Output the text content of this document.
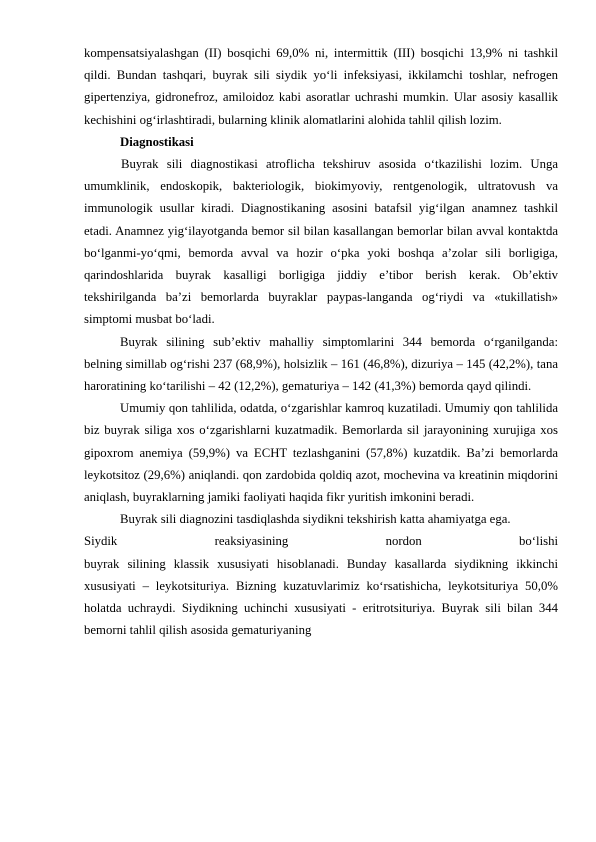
kompensatsiyalashgan (II) bosqichi 69,0% ni, intermittik (III) bosqichi 13,9% ni tashkil qildi. Bundan tashqari, buyrak sili siydik yo‘li infeksiyasi, ikkilamchi toshlar, nefrogen gipertenziya, gidronefroz, amiloidoz kabi asoratlar uchrashi mumkin. Ular asosiy kasallik kechishini og‘irlashtiradi, bularning klinik alomatlarini alohida tahlil qilish lozim.

Diagnostikasi

Buyrak sili diagnostikasi atroflicha tekshiruv asosida o‘tkazilishi lozim. Unga umumklinik, endoskopik, bakteriologik, biokimyoviy, rentgenologik, ultratovush va immunologik usullar kiradi. Diagnostikaning asosini batafsil yig‘ilgan anamnez tashkil etadi. Anamnez yig‘ilayotganda bemor sil bilan kasallangan bemorlar bilan avval kontaktda bo‘lganmi-yo‘qmi, bemorda avval va hozir o‘pka yoki boshqa a’zolar sili borligiga, qarindoshlarida buyrak kasalligi borligiga jiddiy e’tibor berish kerak. Ob’ektiv tekshirilganda ba’zi bemorlarda buyraklar paypas-langanda og‘riydi va «tukillatish» simptomi musbat bo‘ladi.

Buyrak silining sub’ektiv mahalliy simptomlarini 344 bemorda o‘rganilganda: belning simillab og‘rishi 237 (68,9%), holsizlik – 161 (46,8%), dizuriya – 145 (42,2%), tana haroratining ko‘tarilishi – 42 (12,2%), gematuriya – 142 (41,3%) bemorda qayd qilindi.

Umumiy qon tahlilida, odatda, o‘zgarishlar kamroq kuzatiladi. Umumiy qon tahlilida biz buyrak siliga xos o‘zgarishlarni kuzatmadik. Bemorlarda sil jarayonining xurujiga xos gipoxrom anemiya (59,9%) va ECHT tezlashganini (57,8%) kuzatdik. Ba’zi bemorlarda leykotsitoz (29,6%) aniqlandi. qon zardobida qoldiq azot, mochevina va kreatinin miqdorini aniqlash, buyraklarning jamiki faoliyati haqida fikr yuritish imkonini beradi.

Buyrak sili diagnozini tasdiqlashda siydikni tekshirish katta ahamiyatga ega.

Siydik reaksiyasining nordon bo‘lishi

buyrak silining klassik xususiyati hisoblanadi. Bunday kasallarda siydikning ikkinchi xususiyati – leykotsituriya. Bizning kuzatuvlarimiz ko‘rsatishicha, leykotsituriya 50,0% holatda uchraydi. Siydikning uchinchi xususiyati - eritrotsituriya. Buyrak sili bilan 344 bemorni tahlil qilish asosida gematuriyaning
